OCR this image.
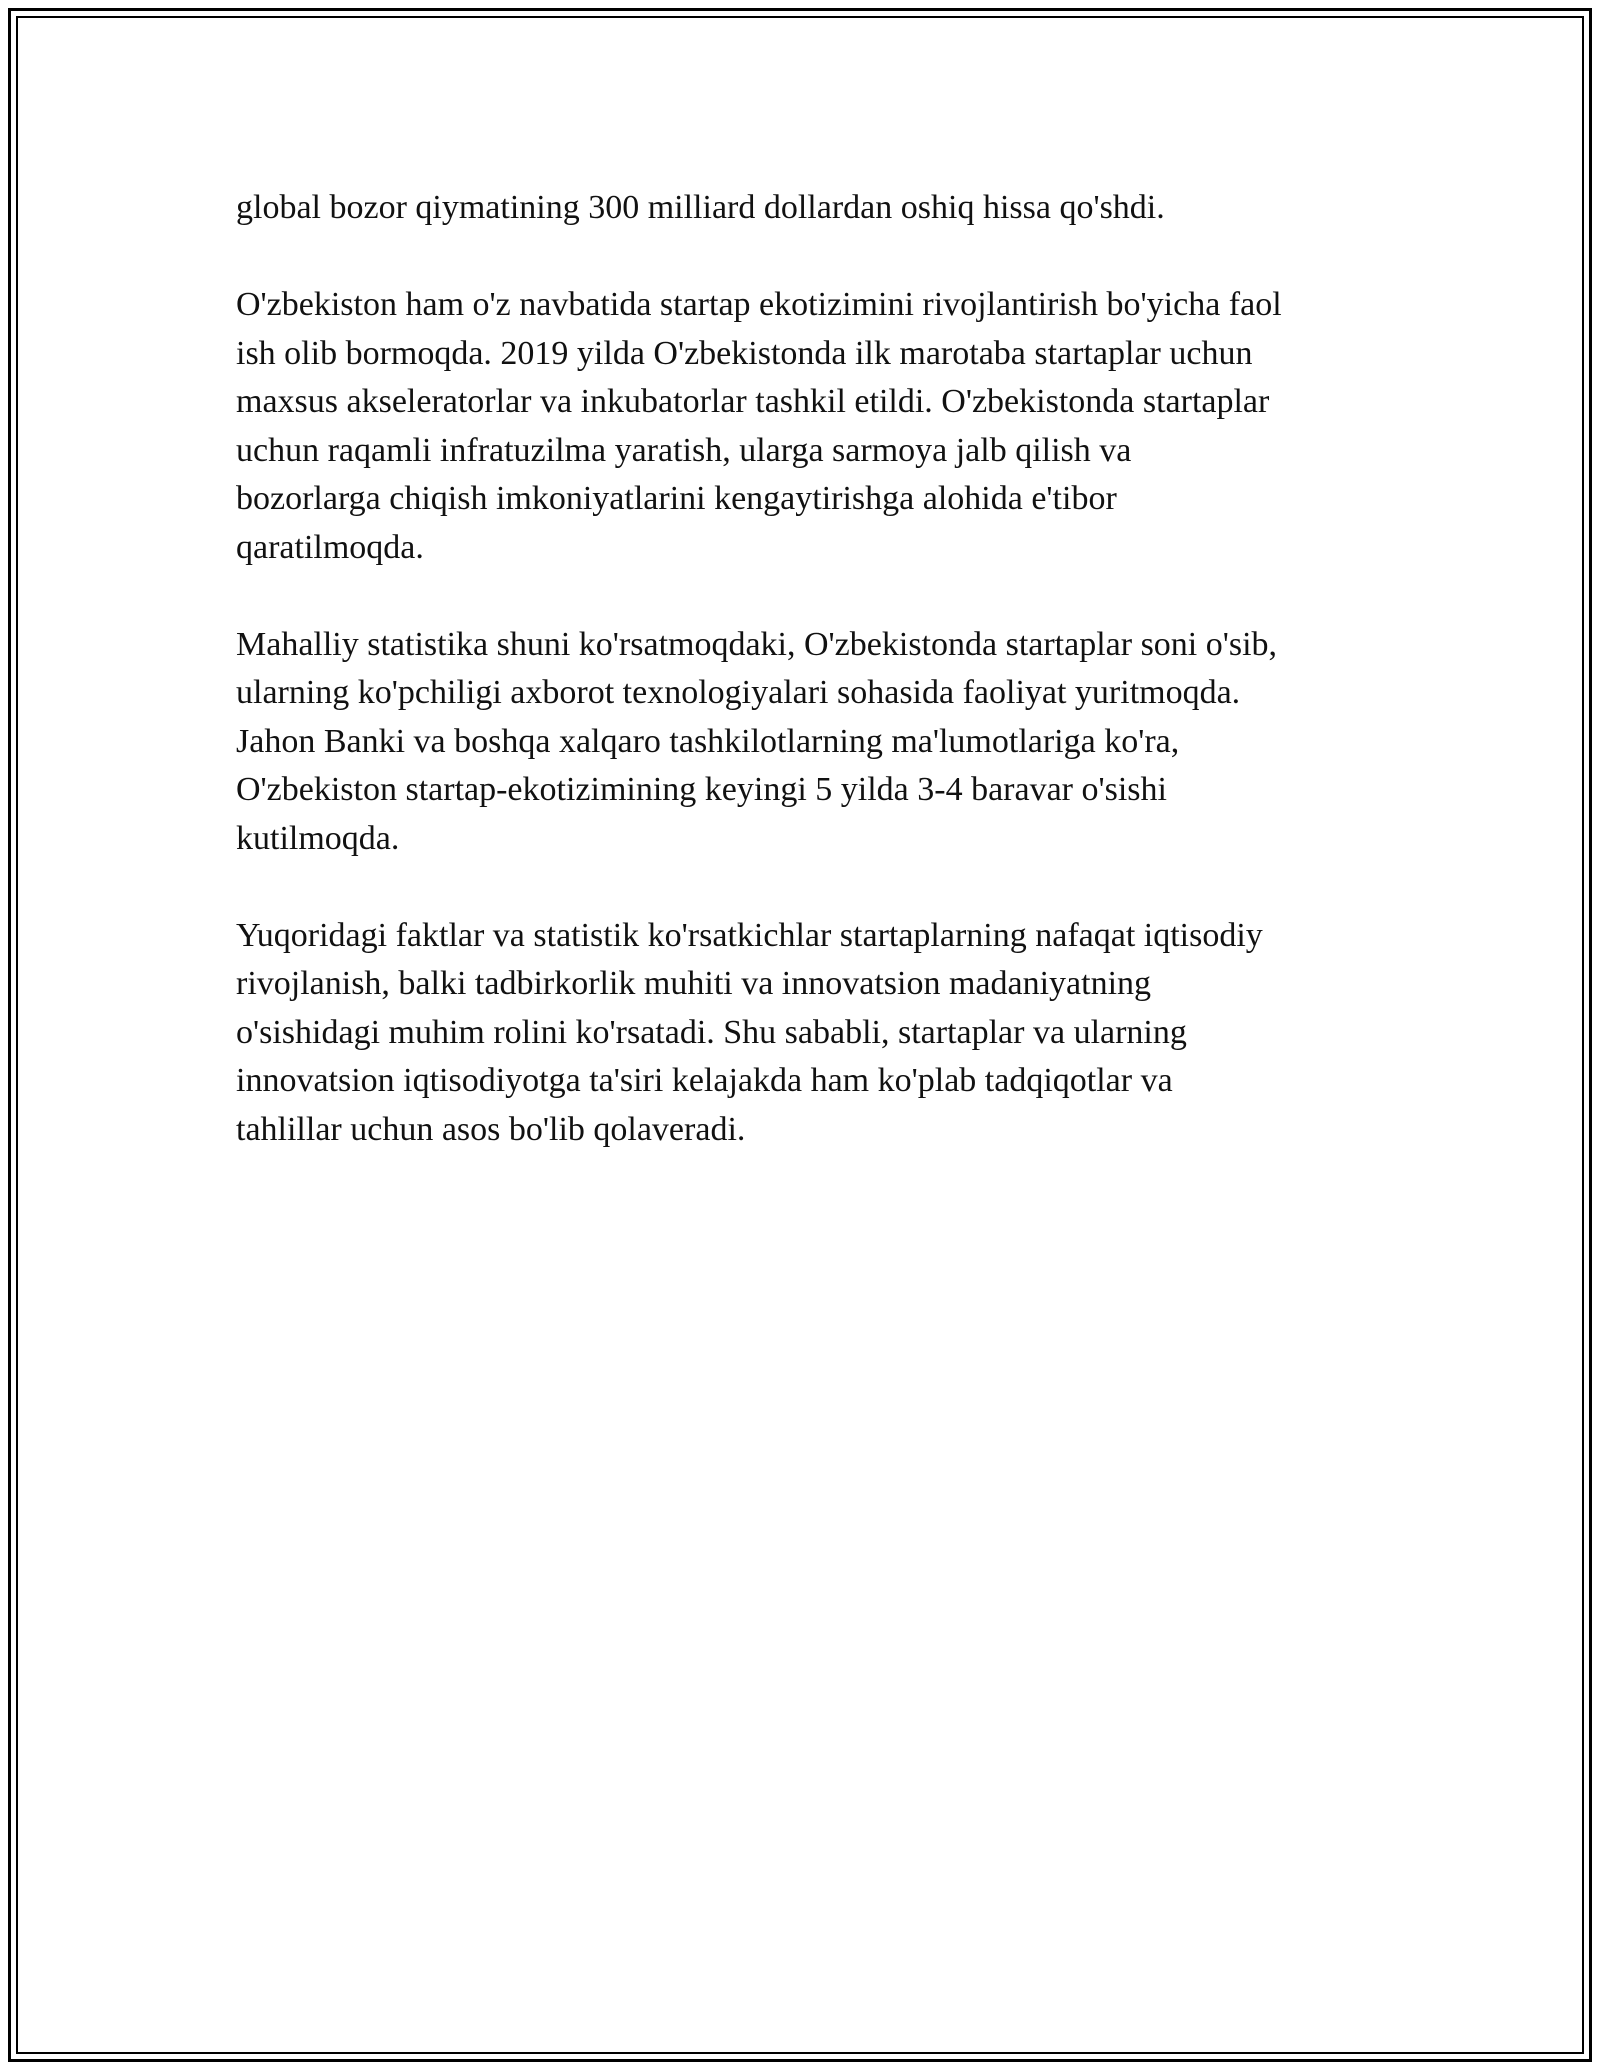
global bozor qiymatining 300 milliard dollardan oshiq hissa qo'shdi.

O'zbekiston ham o'z navbatida startap ekotizimini rivojlantirish bo'yicha faol
ish olib bormoqda. 2019 yilda O'zbekistonda ilk marotaba startaplar uchun
maxsus akseleratorlar va inkubatorlar tashkil etildi. O'zbekistonda startaplar
uchun raqamli infratuzilma yaratish, ularga sarmoya jalb qilish va
bozorlarga chiqish imkoniyatlarini kengaytirishga alohida e'tibor
qaratilmoqda.

Mahalliy statistika shuni ko'rsatmoqdaki, O'zbekistonda startaplar soni o'sib,
ularning ko'pchiligi axborot texnologiyalari sohasida faoliyat yuritmoqda.
Jahon Banki va boshqa xalqaro tashkilotlarning ma'lumotlariga ko'ra,
O'zbekiston startap-ekotizimining keyingi 5 yilda 3-4 baravar o'sishi
kutilmoqda.

Yuqoridagi faktlar va statistik ko'rsatkichlar startaplarning nafaqat iqtisodiy
rivojlanish, balki tadbirkorlik muhiti va innovatsion madaniyatning
o'sishidagi muhim rolini ko'rsatadi. Shu sababli, startaplar va ularning
innovatsion iqtisodiyotga ta'siri kelajakda ham ko'plab tadqiqotlar va
tahlillar uchun asos bo'lib qolaveradi.
